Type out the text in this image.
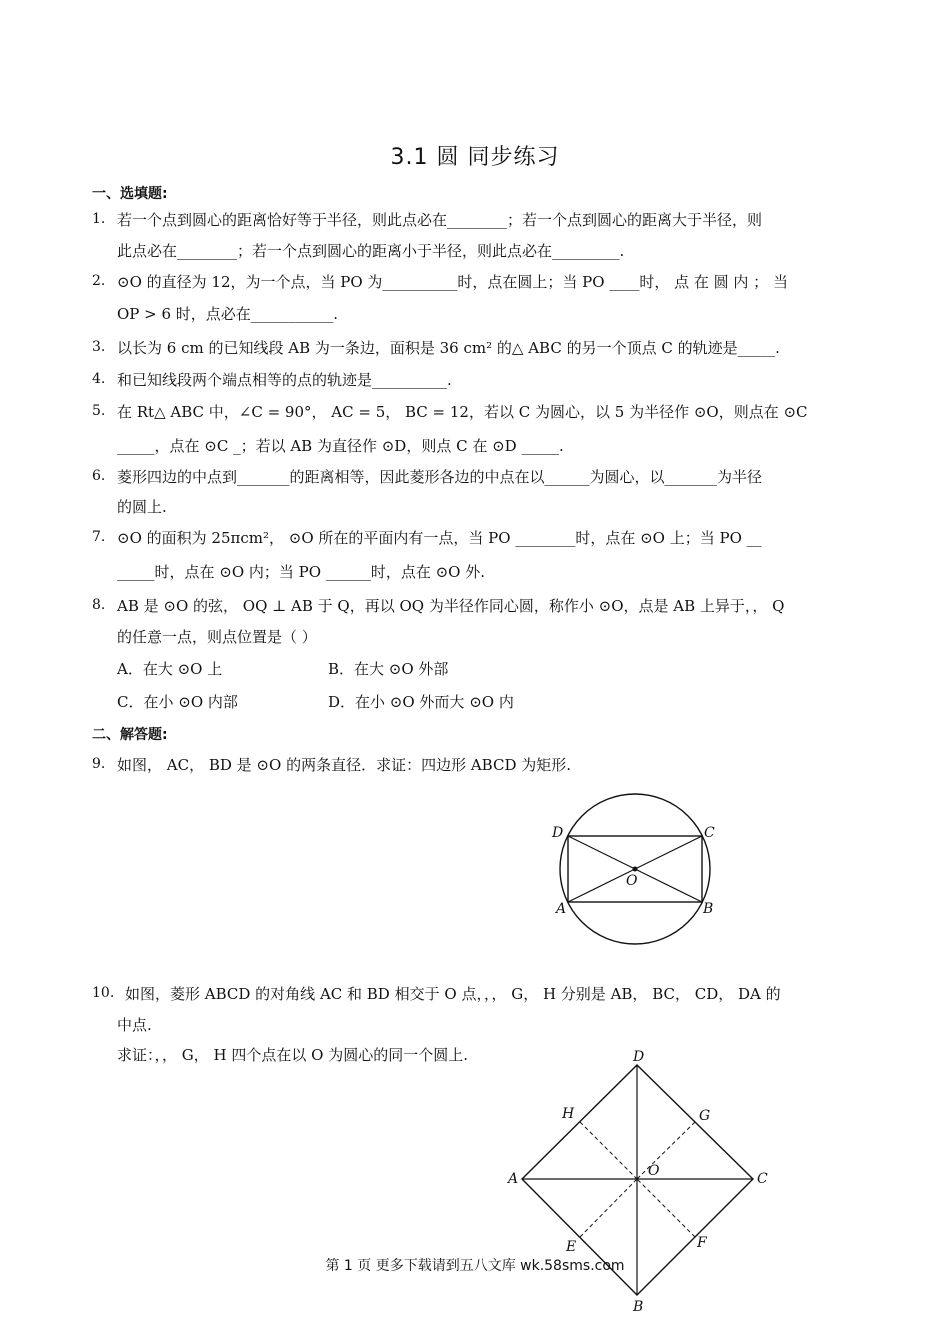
3.1 圆 同步练习
一、选填题:
1. 若一个点到圆心的距离恰好等于半径，则此点必在________；若一个点到圆心的距离大于半径，则
此点必在________；若一个点到圆心的距离小于半径，则此点必在_________.
2. ⊙O 的直径为 12，为一个点，当 PO 为__________时，点在圆上；当 PO ____时， 点 在 圆 内 ； 当
OP > 6 时，点必在___________.
3. 以长为 6 cm 的已知线段 AB 为一条边，面积是 36 cm² 的△ ABC 的另一个顶点 C 的轨迹是_____.
4. 和已知线段两个端点相等的点的轨迹是__________.
5. 在 Rt△ ABC 中，∠C = 90°， AC = 5， BC = 12，若以 C 为圆心，以 5 为半径作 ⊙O，则点在 ⊙C
_____，点在 ⊙C _；若以 AB 为直径作 ⊙D，则点 C 在 ⊙D _____.
6. 菱形四边的中点到_______的距离相等，因此菱形各边的中点在以______为圆心，以_______为半径
的圆上.
7. ⊙O 的面积为 25πcm²， ⊙O 所在的平面内有一点，当 PO ________时，点在 ⊙O 上；当 PO __
_____时，点在 ⊙O 内；当 PO ______时，点在 ⊙O 外.
8. AB 是 ⊙O 的弦， OQ ⊥ AB 于 Q，再以 OQ 为半径作同心圆，称作小 ⊙O，点是 AB 上异于，， Q
的任意一点，则点位置是（ ）
A．在大 ⊙O 上	B．在大 ⊙O 外部
C．在小 ⊙O 内部	D．在小 ⊙O 外而大 ⊙O 内
二、解答题:
9. 如图， AC， BD 是 ⊙O 的两条直径．求证：四边形 ABCD 为矩形.
D	C
A	B
O
10. 如图，菱形 ABCD 的对角线 AC 和 BD 相交于 O 点，，， G， H 分别是 AB， BC， CD， DA 的
中点.
求证：，， G， H 四个点在以 O 为圆心的同一个圆上.	D
C
A
B
H	G
E	F
O
第 1 页 更多下载请到五八文库 wk.58sms.com
